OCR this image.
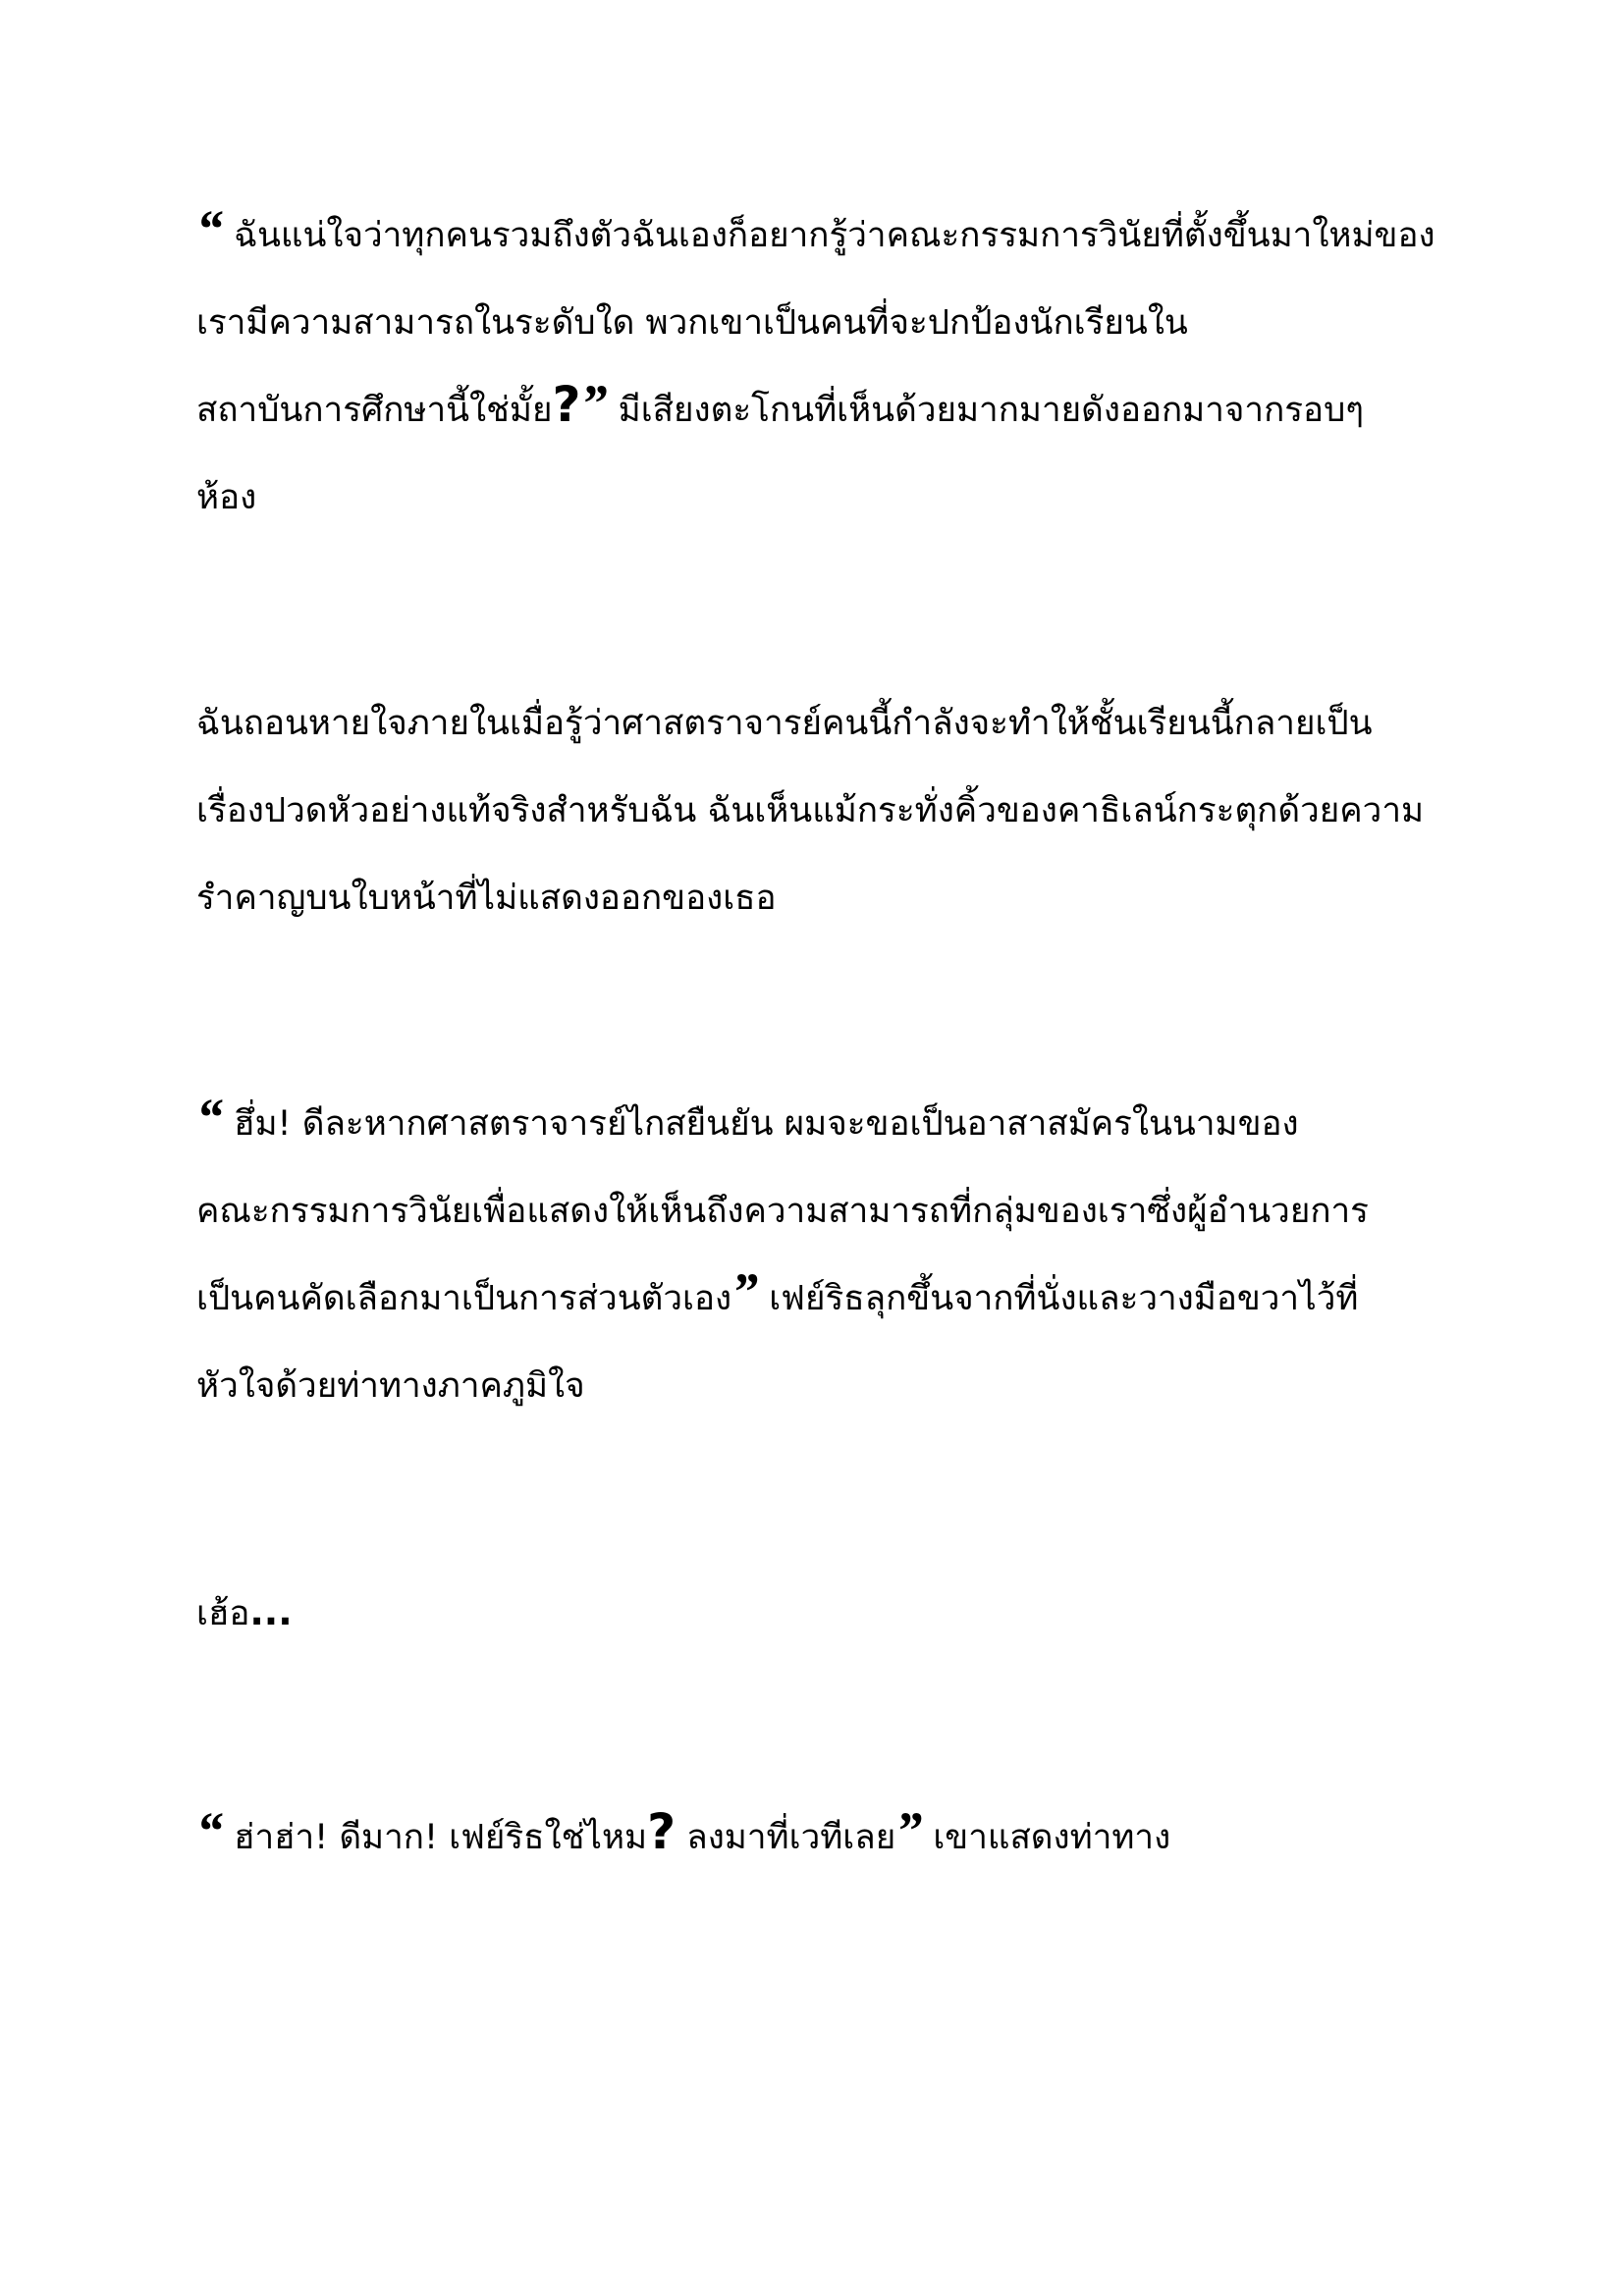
“ ฉันแน่ใจว่าทุกคนรวมถึงตัวฉันเองก็อยากรู้ว่าคณะกรรมการวินัยที่ตั้งขึ้นมาใหม่ของ
เรามีความสามารถในระดับใด พวกเขาเป็นคนที่จะปกป้องนักเรียนใน
สถาบันการศึกษานี้ใช่มั้ย?” มีเสียงตะโกนที่เห็นด้วยมากมายดังออกมาจากรอบๆ
ห้อง

ฉันถอนหายใจภายในเมื่อรู้ว่าศาสตราจารย์คนนี้กำลังจะทำให้ชั้นเรียนนี้กลายเป็น
เรื่องปวดหัวอย่างแท้จริงสำหรับฉัน ฉันเห็นแม้กระทั่งคิ้วของคาธิเลน์กระตุกด้วยความ
รำคาญบนใบหน้าที่ไม่แสดงออกของเธอ

“ ฮึ่ม! ดีละหากศาสตราจารย์ไกสยืนยัน ผมจะขอเป็นอาสาสมัครในนามของ
คณะกรรมการวินัยเพื่อแสดงให้เห็นถึงความสามารถที่กลุ่มของเราซึ่งผู้อำนวยการ
เป็นคนคัดเลือกมาเป็นการส่วนตัวเอง” เฟย์ริธลุกขึ้นจากที่นั่งและวางมือขวาไว้ที่
หัวใจด้วยท่าทางภาคภูมิใจ

เฮ้อ...

“ ฮ่าฮ่า! ดีมาก! เฟย์ริธใช่ไหม? ลงมาที่เวทีเลย” เขาแสดงท่าทาง
